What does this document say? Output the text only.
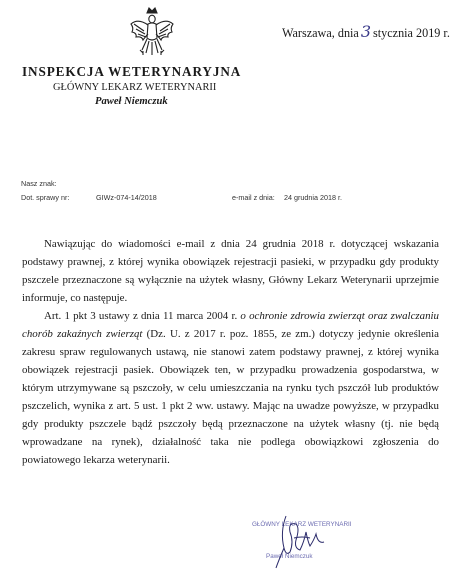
Warszawa, dnia 3 stycznia 2019 r.
INSPEKCJA WETERYNARYJNA
GŁÓWNY LEKARZ WETERYNARII
Paweł Niemczuk
Nasz znak:
Dot. sprawy nr:	GIWz-074-14/2018	e-mail z dnia: 24 grudnia 2018 r.

Nawiązując do wiadomości e-mail z dnia 24 grudnia 2018 r. dotyczącej wskazania podstawy prawnej, z której wynika obowiązek rejestracji pasieki, w przypadku gdy produkty pszczele przeznaczone są wyłącznie na użytek własny, Główny Lekarz Weterynarii uprzejmie informuje, co następuje.

Art. 1 pkt 3 ustawy z dnia 11 marca 2004 r. o ochronie zdrowia zwierząt oraz zwalczaniu chorób zakaźnych zwierząt (Dz. U. z 2017 r. poz. 1855, ze zm.) dotyczy jedynie określenia zakresu spraw regulowanych ustawą, nie stanowi zatem podstawy prawnej, z której wynika obowiązek rejestracji pasiek. Obowiązek ten, w przypadku prowadzenia gospodarstwa, w którym utrzymywane są pszczoły, w celu umieszczania na rynku tych pszczół lub produktów pszczelich, wynika z art. 5 ust. 1 pkt 2 ww. ustawy. Mając na uwadze powyższe, w przypadku gdy produkty pszczele bądź pszczoły będą przeznaczone na użytek własny (tj. nie będą wprowadzane na rynek), działalność taka nie podlega obowiązkowi zgłoszenia do powiatowego lekarza weterynarii.

GŁÓWNY LEKARZ WETERYNARII
Paweł Niemczuk
